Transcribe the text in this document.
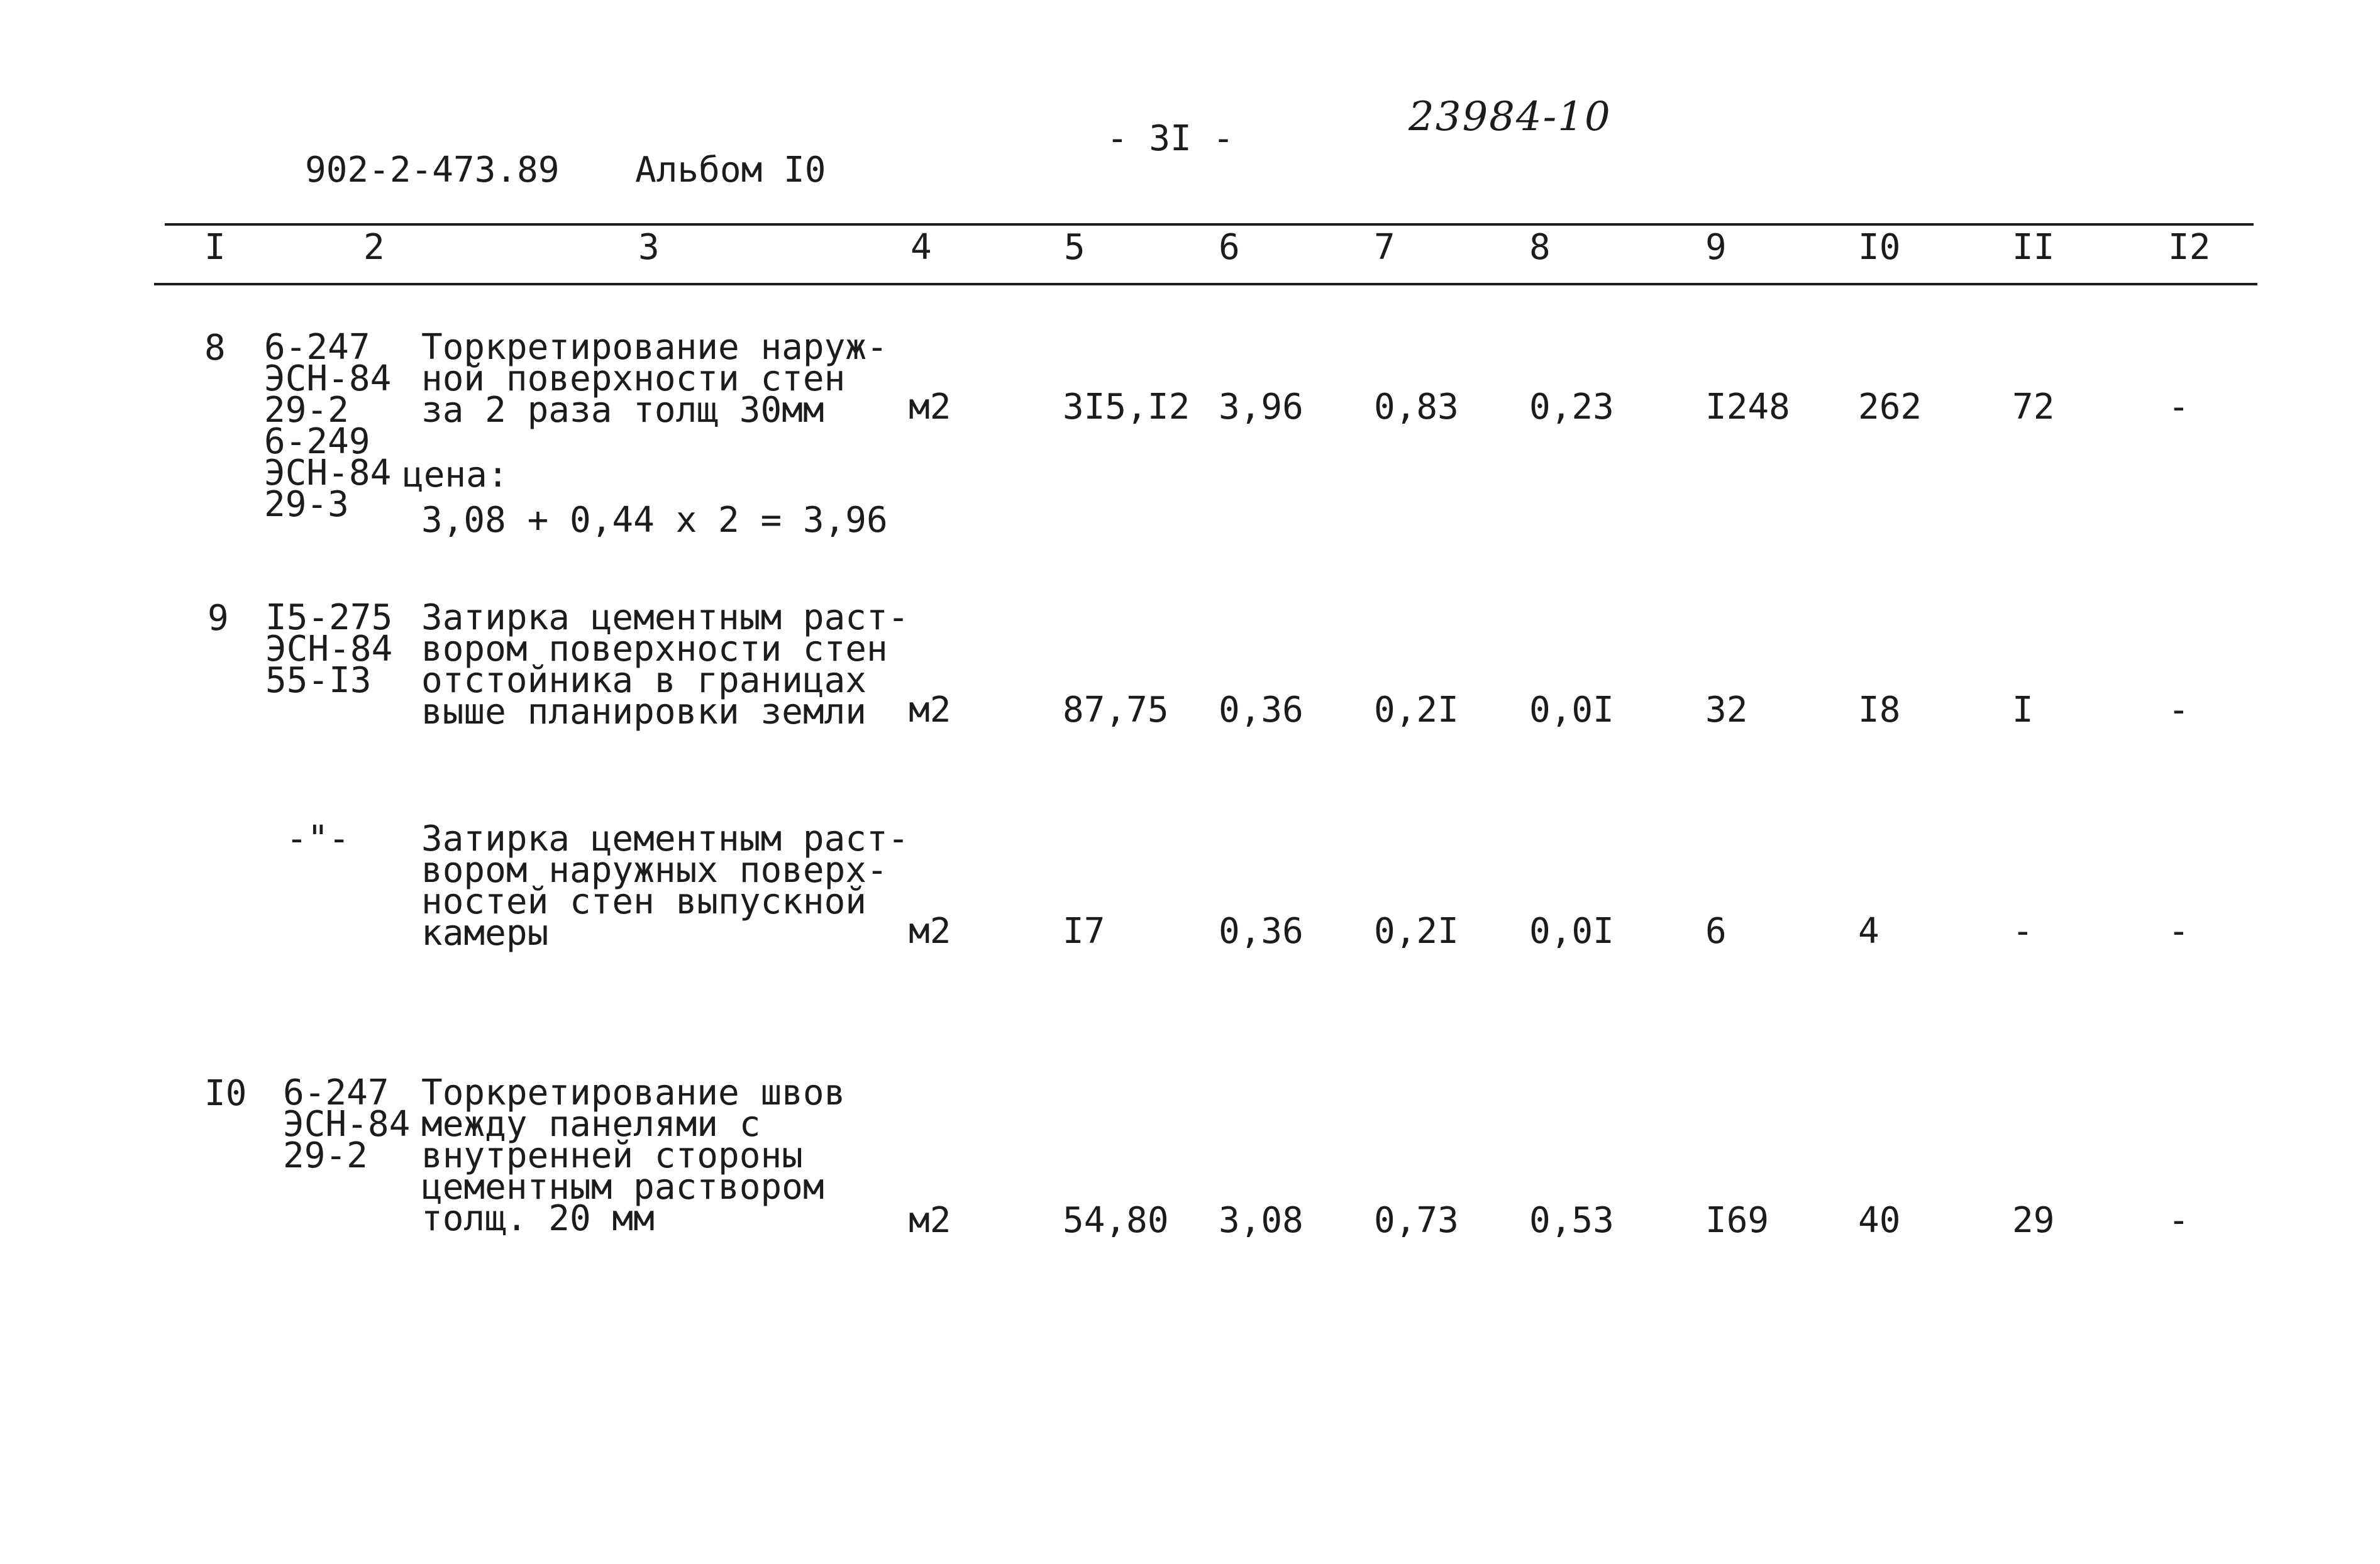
902-2-473.89 Альбом I0
- 3I -	23984-10
I	2	3	4	5	6	7	8	9	I0	II	I2
8 6-247
ЭСН-84
29-2
6-249
ЭСН-84
29-3
Торкретирование наруж-
ной поверхности стен
за 2 раза толщ 30мм
цена:
3,08 + 0,44 x 2 = 3,96
м2	3I5,I2 3,96 0,83 0,23	I248 262	72	-
9 I5-275
ЭСН-84
55-I3
Затирка цементным раст-
вором поверхности стен
отстойника в границах
выше планировки земли	м2	87,75 0,36 0,2I 0,0I	32	I8	I	-
-"- Затирка цементным раст-
вором наружных поверх-
ностей стен выпускной
камеры	м2	I7	0,36 0,2I 0,0I	6	4	-	-
I0 6-247
ЭСН-84
29-2
Торкретирование швов
между панелями с
внутренней стороны
цементным раствором
толщ. 20 мм	м2	54,80 3,08 0,73 0,53	I69	40	29	-
